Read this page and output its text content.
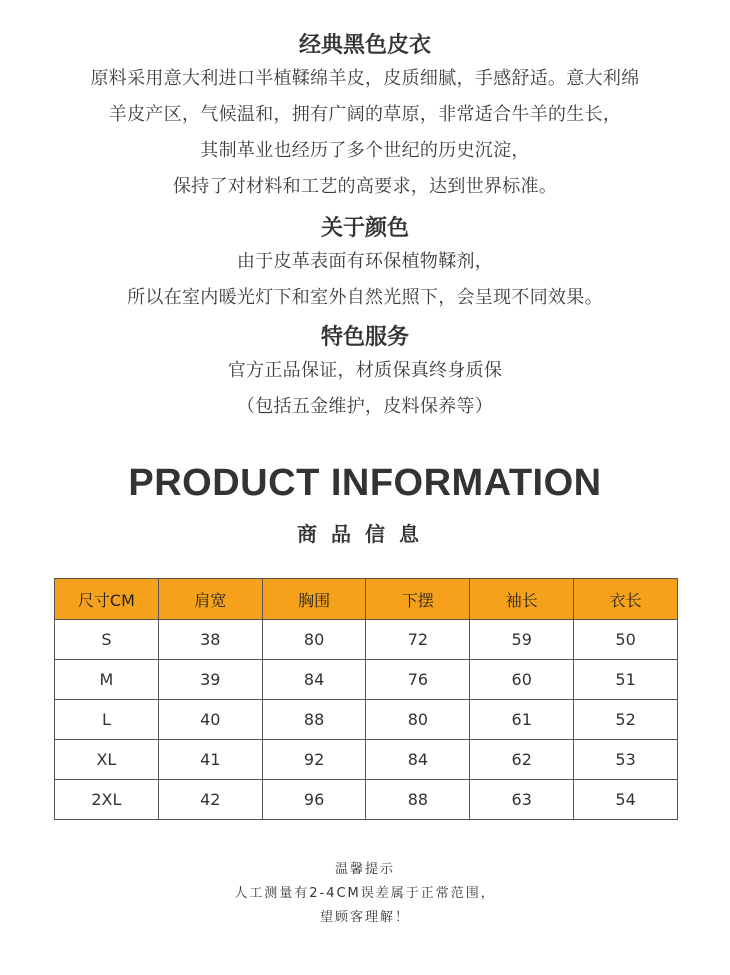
经典黑色皮衣

原料采用意大利进口半植鞣绵羊皮，皮质细腻，手感舒适。意大利绵

羊皮产区，气候温和，拥有广阔的草原，非常适合牛羊的生长，

其制革业也经历了多个世纪的历史沉淀，

保持了对材料和工艺的高要求，达到世界标准。

关于颜色

由于皮革表面有环保植物鞣剂，

所以在室内暖光灯下和室外自然光照下，会呈现不同效果。

特色服务

官方正品保证，材质保真终身质保

（包括五金维护，皮料保养等）

PRODUCT INFORMATION
商品信息
尺寸CM	肩宽	胸围	下摆	袖长	衣长
S	38	80	72	59	50
M	39	84	76	60	51
L	40	88	80	61	52
XL	41	92	84	62	53
2XL	42	96	88	63	54

温馨提示

人工测量有2-4CM误差属于正常范围，

望顾客理解！
